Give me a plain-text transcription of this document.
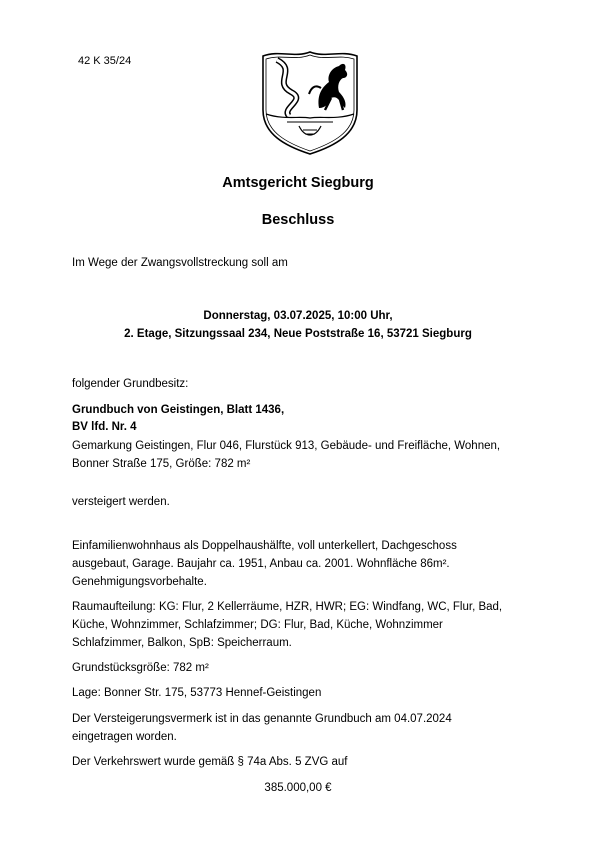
42 K 35/24
Amtsgericht Siegburg
Beschluss
Im Wege der Zwangsvollstreckung soll am
Donnerstag, 03.07.2025, 10:00 Uhr,
2. Etage, Sitzungssaal 234, Neue Poststraße 16, 53721 Siegburg
folgender Grundbesitz:
Grundbuch von Geistingen, Blatt 1436,
BV lfd. Nr. 4
Gemarkung Geistingen, Flur 046, Flurstück 913, Gebäude- und Freifläche, Wohnen,
Bonner Straße 175, Größe: 782 m²
versteigert werden.
Einfamilienwohnhaus als Doppelhaushälfte, voll unterkellert, Dachgeschoss
ausgebaut, Garage. Baujahr ca. 1951, Anbau ca. 2001. Wohnfläche 86m².
Genehmigungsvorbehalte.
Raumaufteilung: KG: Flur, 2 Kellerräume, HZR, HWR; EG: Windfang, WC, Flur, Bad,
Küche, Wohnzimmer, Schlafzimmer; DG: Flur, Bad, Küche, Wohnzimmer
Schlafzimmer, Balkon, SpB: Speicherraum.
Grundstücksgröße: 782 m²
Lage: Bonner Str. 175, 53773 Hennef-Geistingen
Der Versteigerungsvermerk ist in das genannte Grundbuch am 04.07.2024
eingetragen worden.
Der Verkehrswert wurde gemäß § 74a Abs. 5 ZVG auf
385.000,00 €
